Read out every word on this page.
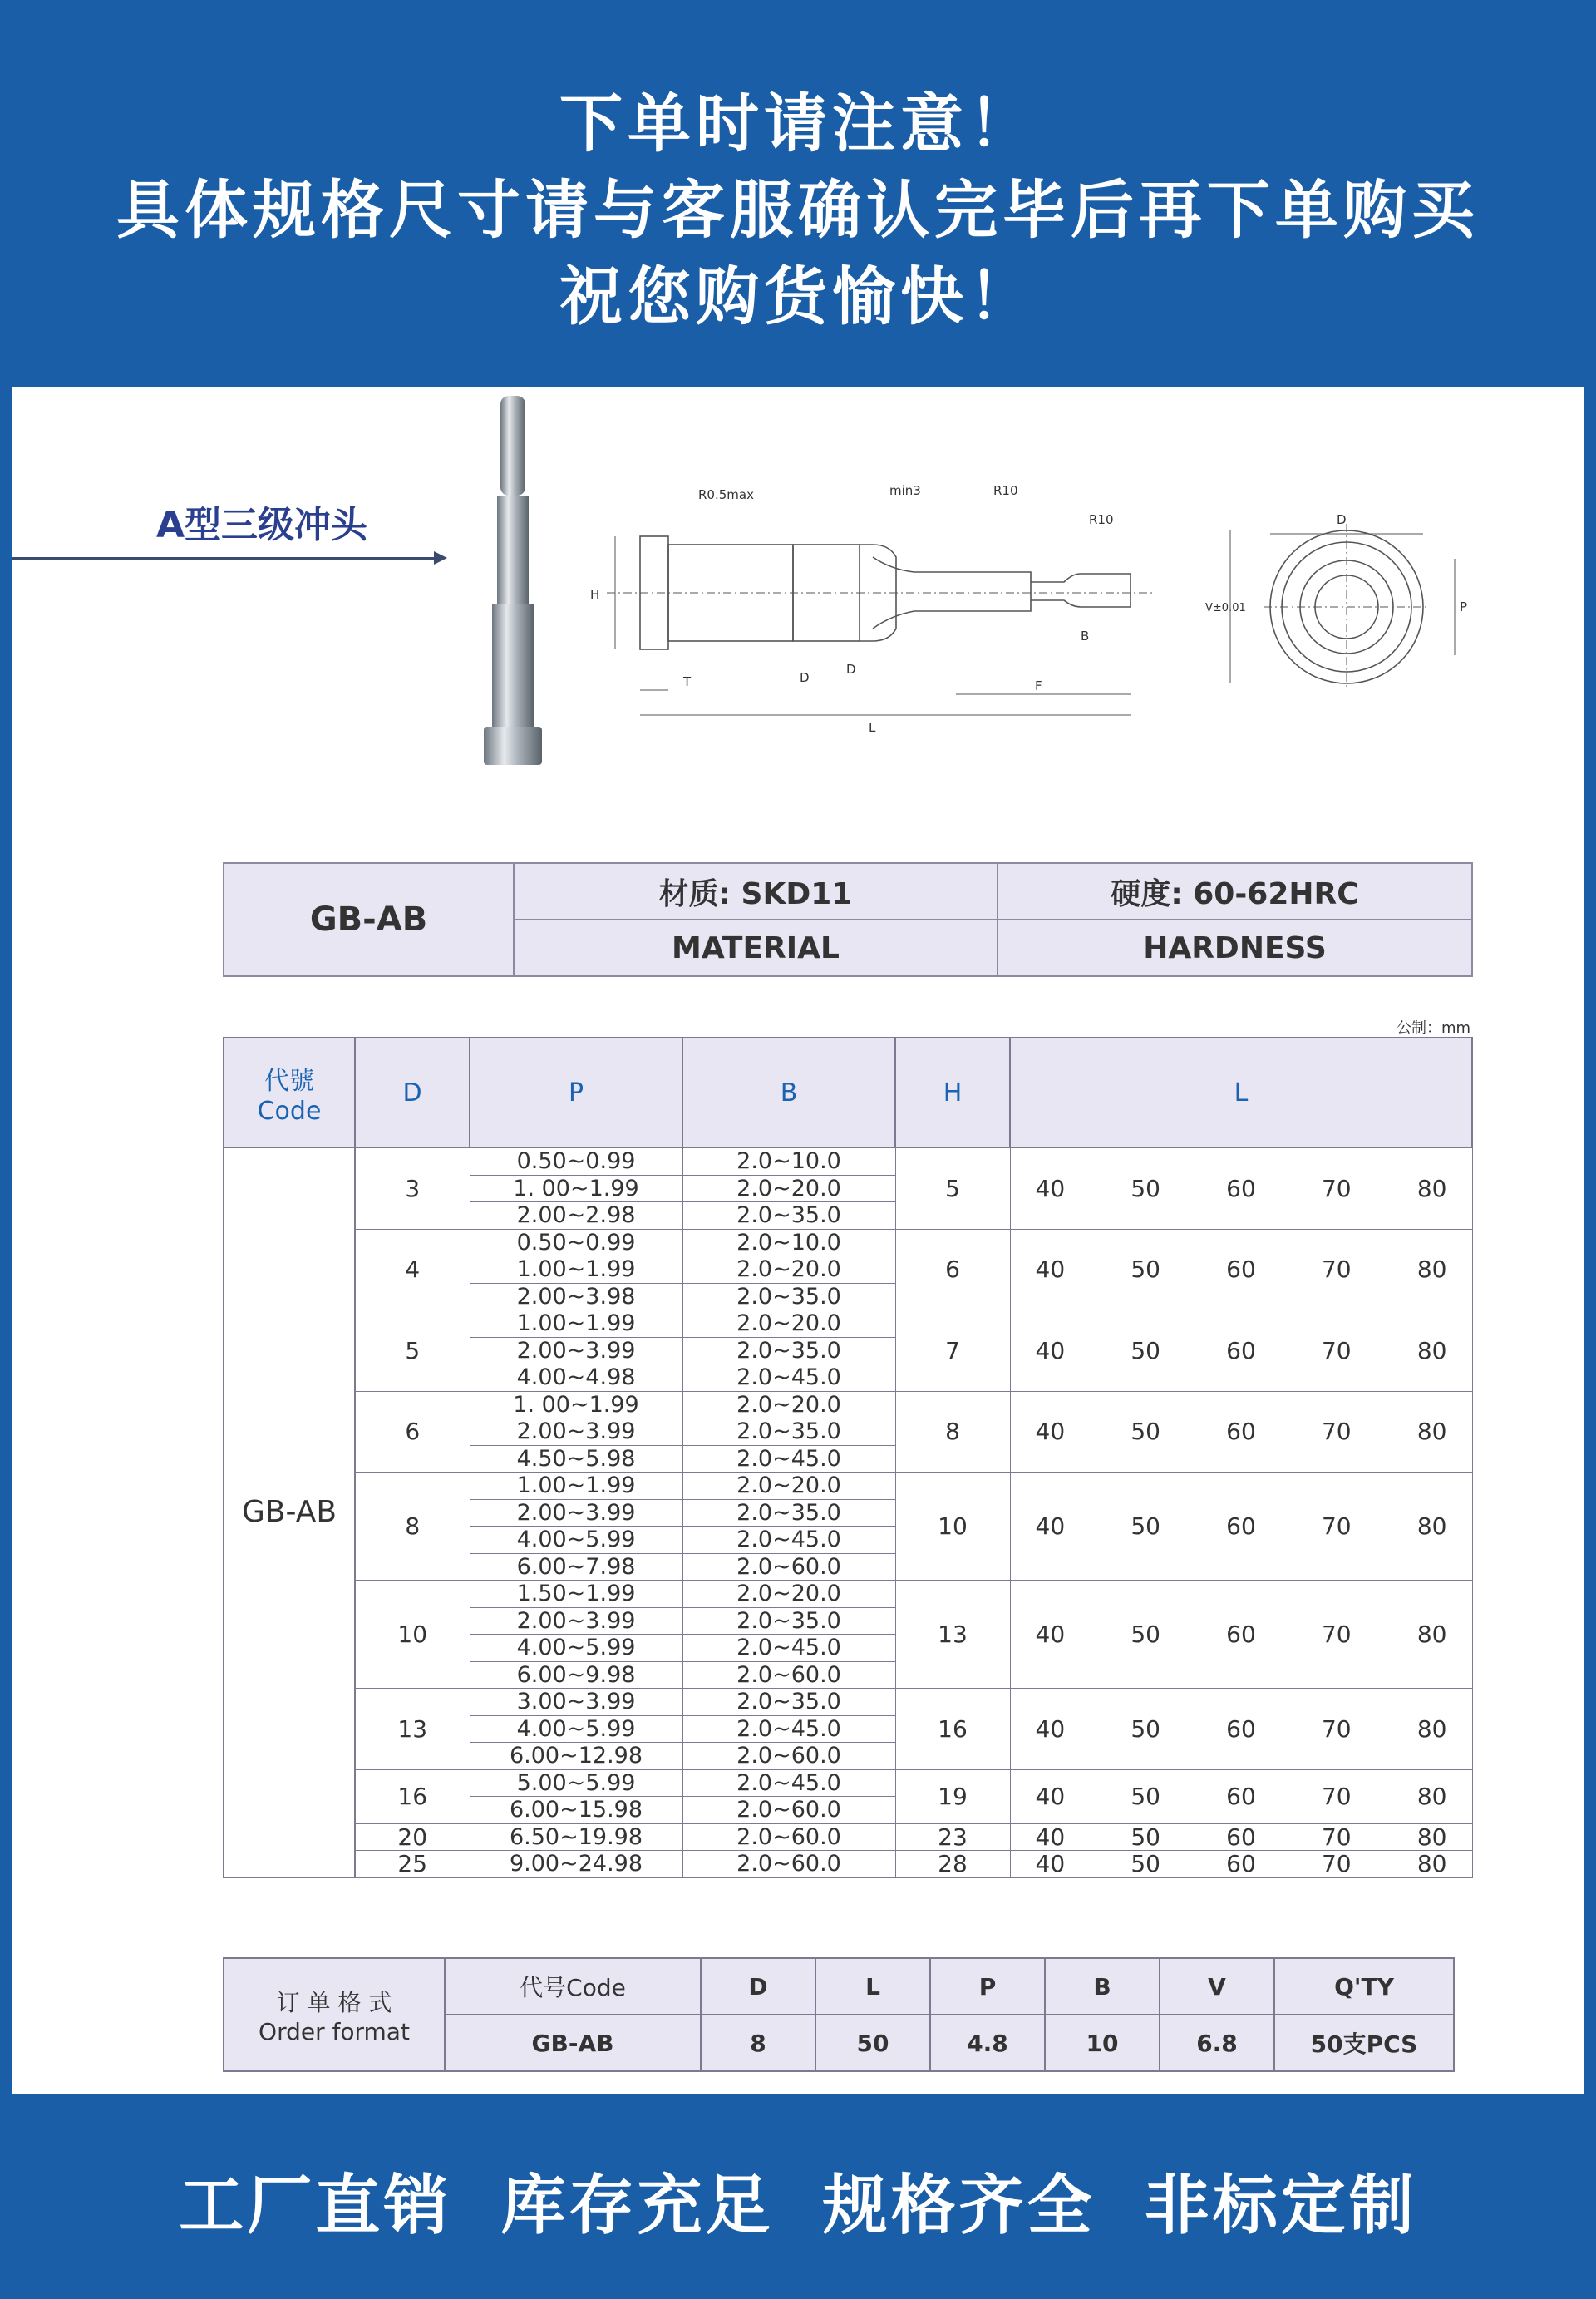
下单时请注意！
具体规格尺寸请与客服确认完毕后再下单购买
祝您购货愉快！
A型三级冲头
R0.5max	min3	R10
R10
H
T	D
D
B
F
L
D
V±0.01	P
GB-AB	材质: SKD11	硬度: 60-62HRC
	MATERIAL	HARDNESS
公制：mm
代號
Code	D	P	B	H	L
GB-AB	3	0.50~0.99	2.0~10.0	5	40 50 60 70 80

		1. 00~1.99	2.0~20.0		
		2.00~2.98	2.0~35.0		
	4	0.50~0.99	2.0~10.0	6	40 50 60 70 80

		1.00~1.99	2.0~20.0		
		2.00~3.98	2.0~35.0		
	5	1.00~1.99	2.0~20.0	7	40 50 60 70 80

		2.00~3.99	2.0~35.0		
		4.00~4.98	2.0~45.0		
	6	1. 00~1.99	2.0~20.0	8	40 50 60 70 80

		2.00~3.99	2.0~35.0		
		4.50~5.98	2.0~45.0		
	8	1.00~1.99	2.0~20.0	10	40 50 60 70 80

		2.00~3.99	2.0~35.0		
		4.00~5.99	2.0~45.0		
		6.00~7.98	2.0~60.0		
	10	1.50~1.99	2.0~20.0	13	40 50 60 70 80

		2.00~3.99	2.0~35.0		
		4.00~5.99	2.0~45.0		
		6.00~9.98	2.0~60.0		
	13	3.00~3.99	2.0~35.0	16	40 50 60 70 80

		4.00~5.99	2.0~45.0		
		6.00~12.98	2.0~60.0		
	16	5.00~5.99	2.0~45.0	19	40 50 60 70 80

		6.00~15.98	2.0~60.0		
	20	6.50~19.98	2.0~60.0	23	40 50 60 70 80

	25	9.00~24.98	2.0~60.0	28	40 50 60 70 80
订 单 格 式
Order format	代号Code	D	L	P	B	V	Q'TY
	GB-AB	8	50	4.8	10	6.8	50支PCS
工厂直销 库存充足 规格齐全 非标定制
